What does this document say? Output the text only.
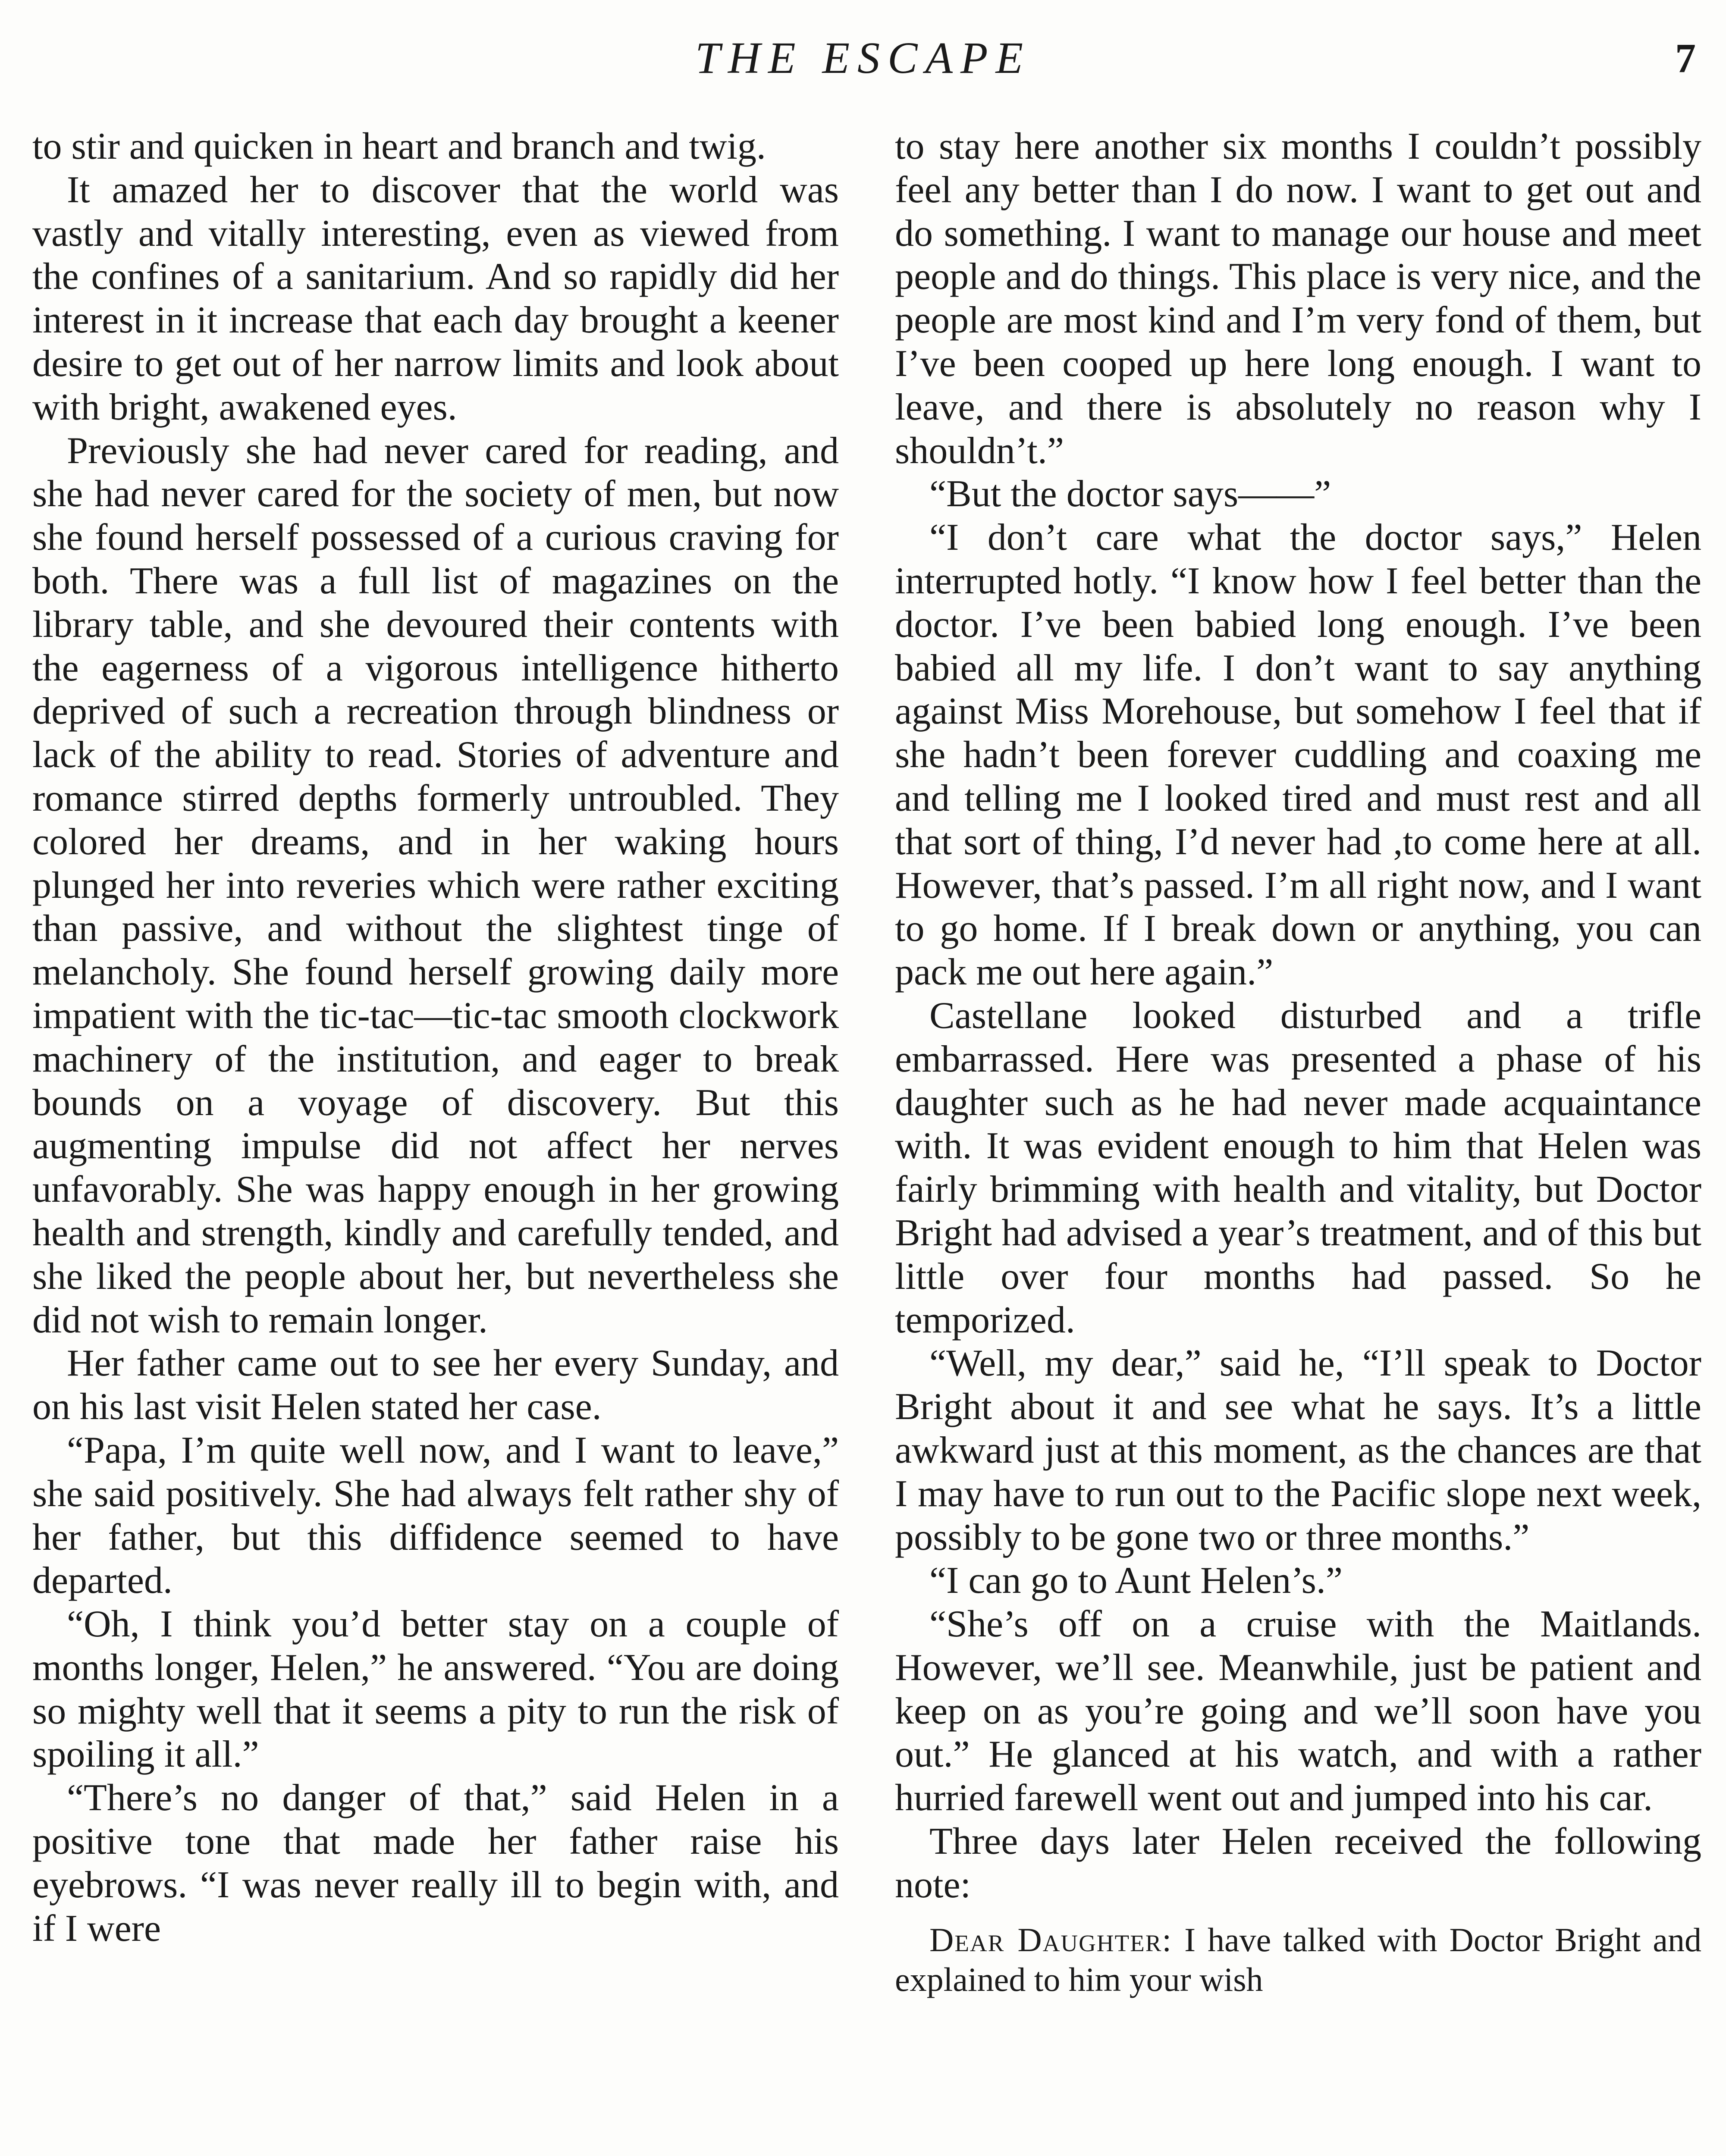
THE ESCAPE	7

to stir and quicken in heart and branch and twig.

It amazed her to discover that the world was vastly and vitally interesting, even as viewed from the confines of a sanitarium. And so rapidly did her interest in it increase that each day brought a keener desire to get out of her narrow limits and look about with bright, awakened eyes.

Previously she had never cared for reading, and she had never cared for the society of men, but now she found herself possessed of a curious craving for both. There was a full list of magazines on the library table, and she devoured their contents with the eagerness of a vigorous intelligence hitherto deprived of such a recreation through blindness or lack of the ability to read. Stories of adventure and romance stirred depths formerly untroubled. They colored her dreams, and in her waking hours plunged her into reveries which were rather exciting than passive, and without the slightest tinge of melancholy. She found herself growing daily more impatient with the tic-tac—tic-tac smooth clockwork machinery of the institution, and eager to break bounds on a voyage of discovery. But this augmenting impulse did not affect her nerves unfavorably. She was happy enough in her growing health and strength, kindly and carefully tended, and she liked the people about her, but nevertheless she did not wish to remain longer.

Her father came out to see her every Sunday, and on his last visit Helen stated her case.

“Papa, I’m quite well now, and I want to leave,” she said positively. She had always felt rather shy of her father, but this diffidence seemed to have departed.

“Oh, I think you’d better stay on a couple of months longer, Helen,” he answered. “You are doing so mighty well that it seems a pity to run the risk of spoiling it all.”

“There’s no danger of that,” said Helen in a positive tone that made her father raise his eyebrows. “I was never really ill to begin with, and if I were

to stay here another six months I couldn’t possibly feel any better than I do now. I want to get out and do something. I want to manage our house and meet people and do things. This place is very nice, and the people are most kind and I’m very fond of them, but I’ve been cooped up here long enough. I want to leave, and there is absolutely no reason why I shouldn’t.”

“But the doctor says——”

“I don’t care what the doctor says,” Helen interrupted hotly. “I know how I feel better than the doctor. I’ve been babied long enough. I’ve been babied all my life. I don’t want to say anything against Miss Morehouse, but somehow I feel that if she hadn’t been forever cuddling and coaxing me and telling me I looked tired and must rest and all that sort of thing, I’d never had ,to come here at all. However, that’s passed. I’m all right now, and I want to go home. If I break down or anything, you can pack me out here again.”

Castellane looked disturbed and a trifle embarrassed. Here was presented a phase of his daughter such as he had never made acquaintance with. It was evident enough to him that Helen was fairly brimming with health and vitality, but Doctor Bright had advised a year’s treatment, and of this but little over four months had passed. So he temporized.

“Well, my dear,” said he, “I’ll speak to Doctor Bright about it and see what he says. It’s a little awkward just at this moment, as the chances are that I may have to run out to the Pacific slope next week, possibly to be gone two or three months.”

“I can go to Aunt Helen’s.”

“She’s off on a cruise with the Maitlands. However, we’ll see. Meanwhile, just be patient and keep on as you’re going and we’ll soon have you out.” He glanced at his watch, and with a rather hurried farewell went out and jumped into his car.

Three days later Helen received the following note:

Dear Daughter: I have talked with Doctor Bright and explained to him your wish
